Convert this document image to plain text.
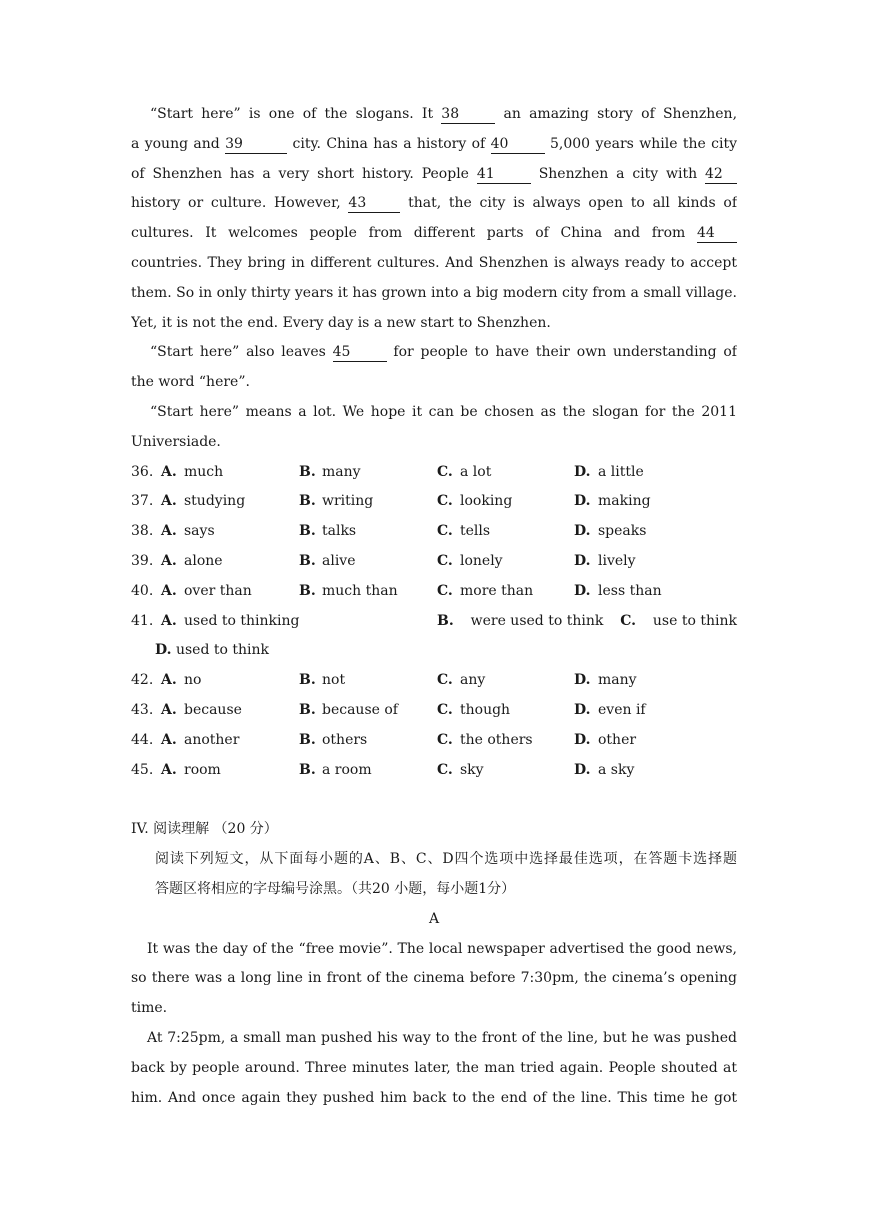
“Start here” is one of the slogans. It 38	an amazing story of Shenzhen,
a young and 39	city. China has a history of 40	5,000 years while the city
of Shenzhen has a very short history. People 41	Shenzhen a city with 42
history or culture. However, 43	that, the city is always open to all kinds of
cultures. It welcomes people from different parts of China and from 44
countries. They bring in different cultures. And Shenzhen is always ready to accept
them. So in only thirty years it has grown into a big modern city from a small village.
Yet, it is not the end. Every day is a new start to Shenzhen.
“Start here” also leaves 45	for people to have their own understanding of
the word “here”.
“Start here” means a lot. We hope it can be chosen as the slogan for the 2011
Universiade.
36. A. much	B. many	C. a lot	D. a little
37. A. studying	B. writing	C. looking	D. making
38. A. says	B. talks	C. tells	D. speaks
39. A. alone	B. alive	C. lonely	D. lively
40. A. over than	B. much than	C. more than	D. less than
41. A. used to thinking	B. were used to think C. use to think
D. used to think
42. A. no	B. not	C. any	D. many
43. A. because	B. because of	C. though	D. even if
44. A. another	B. others	C. the others	D. other
45. A. room	B. a room	C. sky	D. a sky
IV. 阅读理解 （20 分）
阅读下列短文，从下面每小题的A、B、C、D四个选项中选择最佳选项，在答题卡选择题
答题区将相应的字母编号涂黑。（共20 小题，每小题1分）
A
It was the day of the “free movie”. The local newspaper advertised the good news,
so there was a long line in front of the cinema before 7:30pm, the cinema’s opening
time.
At 7:25pm, a small man pushed his way to the front of the line, but he was pushed
back by people around. Three minutes later, the man tried again. People shouted at
him. And once again they pushed him back to the end of the line. This time he got
